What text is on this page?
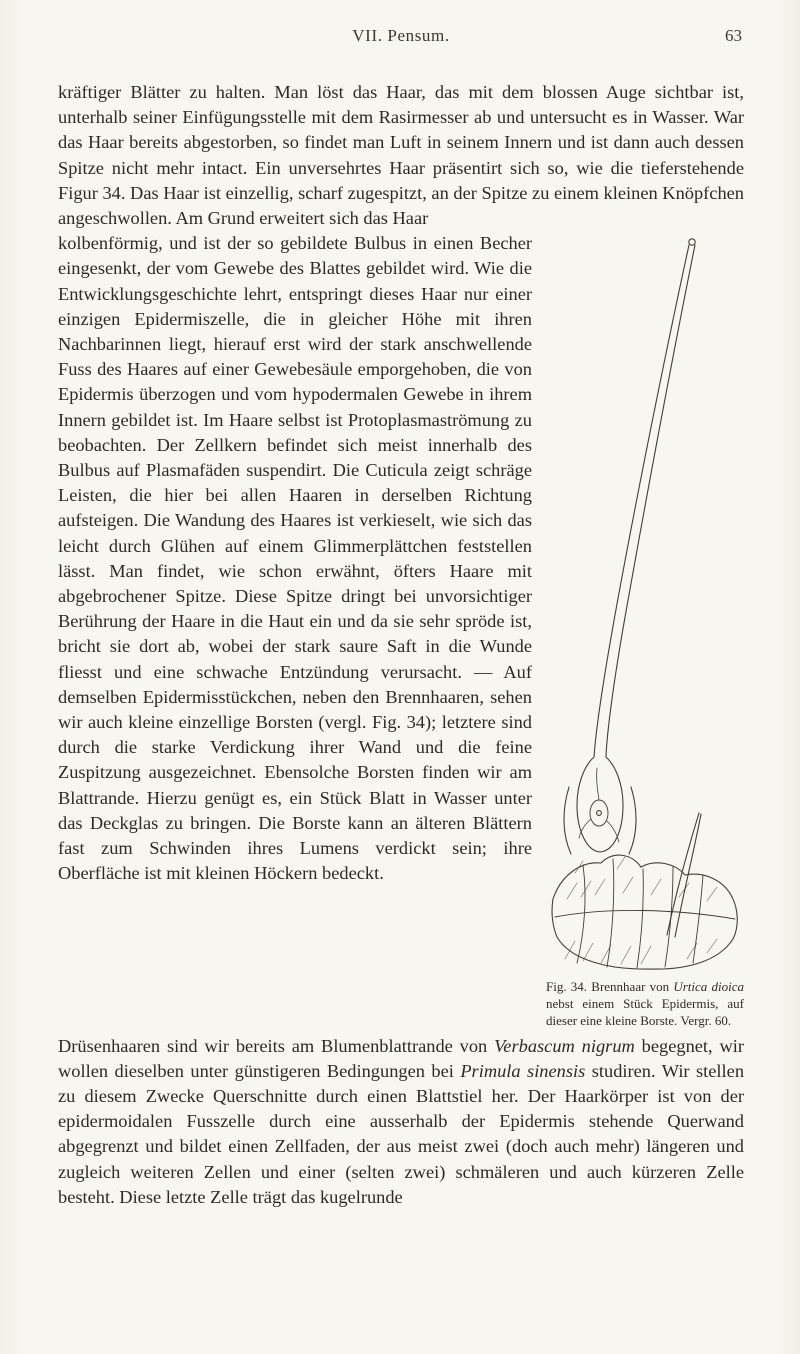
VII. Pensum.	63

kräftiger Blätter zu halten. Man löst das Haar, das mit dem blossen Auge sichtbar ist, unterhalb seiner Einfügungsstelle mit dem Rasirmesser ab und untersucht es in Wasser. War das Haar bereits abgestorben, so findet man Luft in seinem Innern und ist dann auch dessen Spitze nicht mehr intact. Ein unversehrtes Haar präsentirt sich so, wie die tieferstehende Figur 34. Das Haar ist einzellig, scharf zugespitzt, an der Spitze zu einem kleinen Knöpfchen angeschwollen. Am Grund erweitert sich das Haar

Fig. 34. Brennhaar von Urtica dioica nebst einem Stück Epidermis, auf dieser eine kleine Borste. Vergr. 60.

kolbenförmig, und ist der so gebildete Bulbus in einen Becher eingesenkt, der vom Gewebe des Blattes gebildet wird. Wie die Entwicklungsgeschichte lehrt, entspringt dieses Haar nur einer einzigen Epidermiszelle, die in gleicher Höhe mit ihren Nachbarinnen liegt, hierauf erst wird der stark anschwellende Fuss des Haares auf einer Gewebesäule emporgehoben, die von Epidermis überzogen und vom hypodermalen Gewebe in ihrem Innern gebildet ist. Im Haare selbst ist Protoplasmaströmung zu beobachten. Der Zellkern befindet sich meist innerhalb des Bulbus auf Plasmafäden suspendirt. Die Cuticula zeigt schräge Leisten, die hier bei allen Haaren in derselben Richtung aufsteigen. Die Wandung des Haares ist verkieselt, wie sich das leicht durch Glühen auf einem Glimmerplättchen feststellen lässt. Man findet, wie schon erwähnt, öfters Haare mit abgebrochener Spitze. Diese Spitze dringt bei unvorsichtiger Berührung der Haare in die Haut ein und da sie sehr spröde ist, bricht sie dort ab, wobei der stark saure Saft in die Wunde fliesst und eine schwache Entzündung verursacht. — Auf demselben Epidermisstückchen, neben den Brennhaaren, sehen wir auch kleine einzellige Borsten (vergl. Fig. 34); letztere sind durch die starke Verdickung ihrer Wand und die feine Zuspitzung ausgezeichnet. Ebensolche Borsten finden wir am Blattrande. Hierzu genügt es, ein Stück Blatt in Wasser unter das Deckglas zu bringen. Die Borste kann an älteren Blättern fast zum Schwinden ihres Lumens verdickt sein; ihre Oberfläche ist mit kleinen Höckern bedeckt.

Drüsenhaaren sind wir bereits am Blumenblattrande von Verbascum nigrum begegnet, wir wollen dieselben unter günstigeren Bedingungen bei Primula sinensis studiren. Wir stellen zu diesem Zwecke Querschnitte durch einen Blattstiel her. Der Haarkörper ist von der epidermoidalen Fusszelle durch eine ausserhalb der Epidermis stehende Querwand abgegrenzt und bildet einen Zellfaden, der aus meist zwei (doch auch mehr) längeren und zugleich weiteren Zellen und einer (selten zwei) schmäleren und auch kürzeren Zelle besteht. Diese letzte Zelle trägt das kugelrunde
